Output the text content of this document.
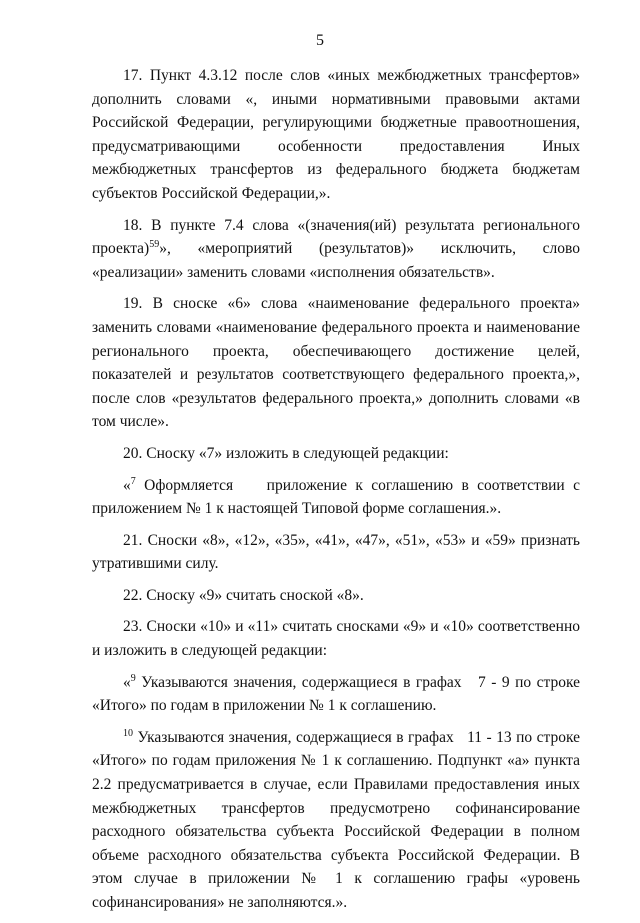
5

17. Пункт 4.3.12 после слов «иных межбюджетных трансфертов» дополнить словами «, иными нормативными правовыми актами Российской Федерации, регулирующими бюджетные правоотношения, предусматривающими особенности предоставления Иных межбюджетных трансфертов из федерального бюджета бюджетам субъектов Российской Федерации,».

18. В пункте 7.4 слова «(значения(ий) результата регионального проекта)$^{59}$», «мероприятий (результатов)» исключить, слово «реализации» заменить словами «исполнения обязательств».

19. В сноске «6» слова «наименование федерального проекта» заменить словами «наименование федерального проекта и наименование регионального проекта, обеспечивающего достижение целей, показателей и результатов соответствующего федерального проекта,», после слов «результатов федерального проекта,» дополнить словами «в том числе».

20. Сноску «7» изложить в следующей редакции:

«$^7$ Оформляется    приложение к соглашению в соответствии с приложением № 1 к настоящей Типовой форме соглашения.».

21. Сноски «8», «12», «35», «41», «47», «51», «53» и «59» признать утратившими силу.

22. Сноску «9» считать сноской «8».

23. Сноски «10» и «11» считать сносками «9» и «10» соответственно и изложить в следующей редакции:

«$^9$ Указываются значения, содержащиеся в графах   7 - 9 по строке «Итого» по годам в приложении № 1 к соглашению.

$^{10}$ Указываются значения, содержащиеся в графах   11 - 13 по строке «Итого» по годам приложения № 1 к соглашению. Подпункт «а» пункта 2.2 предусматривается в случае, если Правилами предоставления иных межбюджетных трансфертов предусмотрено софинансирование расходного обязательства субъекта Российской Федерации в полном объеме расходного обязательства субъекта Российской Федерации. В этом случае в приложении № 1 к соглашению графы «уровень софинансирования» не заполняются.».
